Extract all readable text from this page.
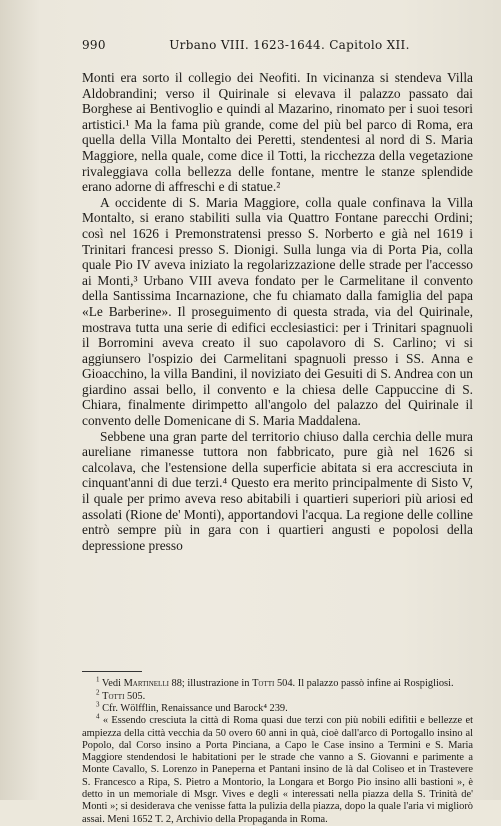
990	Urbano VIII. 1623-1644. Capitolo XII.

Monti era sorto il collegio dei Neofiti. In vicinanza si stendeva Villa Aldobrandini; verso il Quirinale si elevava il palazzo passato dai Borghese ai Bentivoglio e quindi al Mazarino, rinomato per i suoi tesori artistici.¹ Ma la fama più grande, come del più bel parco di Roma, era quella della Villa Montalto dei Peretti, stendentesi al nord di S. Maria Maggiore, nella quale, come dice il Totti, la ricchezza della vegetazione rivaleggiava colla bellezza delle fontane, mentre le stanze splendide erano adorne di affreschi e di statue.²

A occidente di S. Maria Maggiore, colla quale confinava la Villa Montalto, si erano stabiliti sulla via Quattro Fontane parecchi Ordini; così nel 1626 i Premonstratensi presso S. Norberto e già nel 1619 i Trinitari francesi presso S. Dionigi. Sulla lunga via di Porta Pia, colla quale Pio IV aveva iniziato la regolarizzazione delle strade per l'accesso ai Monti,³ Urbano VIII aveva fondato per le Carmelitane il convento della Santissima Incarnazione, che fu chiamato dalla famiglia del papa «Le Barberine». Il proseguimento di questa strada, via del Quirinale, mostrava tutta una serie di edifici ecclesiastici: per i Trinitari spagnuoli il Borromini aveva creato il suo capolavoro di S. Carlino; vi si aggiunsero l'ospizio dei Carmelitani spagnuoli presso i SS. Anna e Gioacchino, la villa Bandini, il noviziato dei Gesuiti di S. Andrea con un giardino assai bello, il convento e la chiesa delle Cappuccine di S. Chiara, finalmente dirimpetto all'angolo del palazzo del Quirinale il convento delle Domenicane di S. Maria Maddalena.

Sebbene una gran parte del territorio chiuso dalla cerchia delle mura aureliane rimanesse tuttora non fabbricato, pure già nel 1626 si calcolava, che l'estensione della superficie abitata si era accresciuta in cinquant'anni di due terzi.⁴ Questo era merito principalmente di Sisto V, il quale per primo aveva reso abitabili i quartieri superiori più ariosi ed assolati (Rione de' Monti), apportandovi l'acqua. La regione delle colline entrò sempre più in gara con i quartieri angusti e popolosi della depressione presso

$^1$ Vedi Martinelli 88; illustrazione in Totti 504. Il palazzo passò infine ai Rospigliosi.

$^2$ Totti 505.

$^3$ Cfr. Wölfflin, Renaissance und Barock⁴ 239.

$^4$ « Essendo cresciuta la città di Roma quasi due terzi con più nobili edifitii e bellezze et ampiezza della città vecchia da 50 overo 60 anni in quà, cioè dall'arco di Portogallo insino al Popolo, dal Corso insino a Porta Pinciana, a Capo le Case insino a Termini e S. Maria Maggiore stendendosi le habitationi per le strade che vanno a S. Giovanni e parimente a Monte Cavallo, S. Lorenzo in Paneperna et Pantani insino de là dal Coliseo et in Trastevere S. Francesco a Ripa, S. Pietro a Montorio, la Longara et Borgo Pio insino alli bastioni », è detto in un memoriale di Msgr. Vives e degli « interessati nella piazza della S. Trinità de' Monti »; si desiderava che venisse fatta la pulizia della piazza, dopo la quale l'aria vi migliorò assai. Meni 1652 T. 2, Archivio della Propaganda in Roma.
